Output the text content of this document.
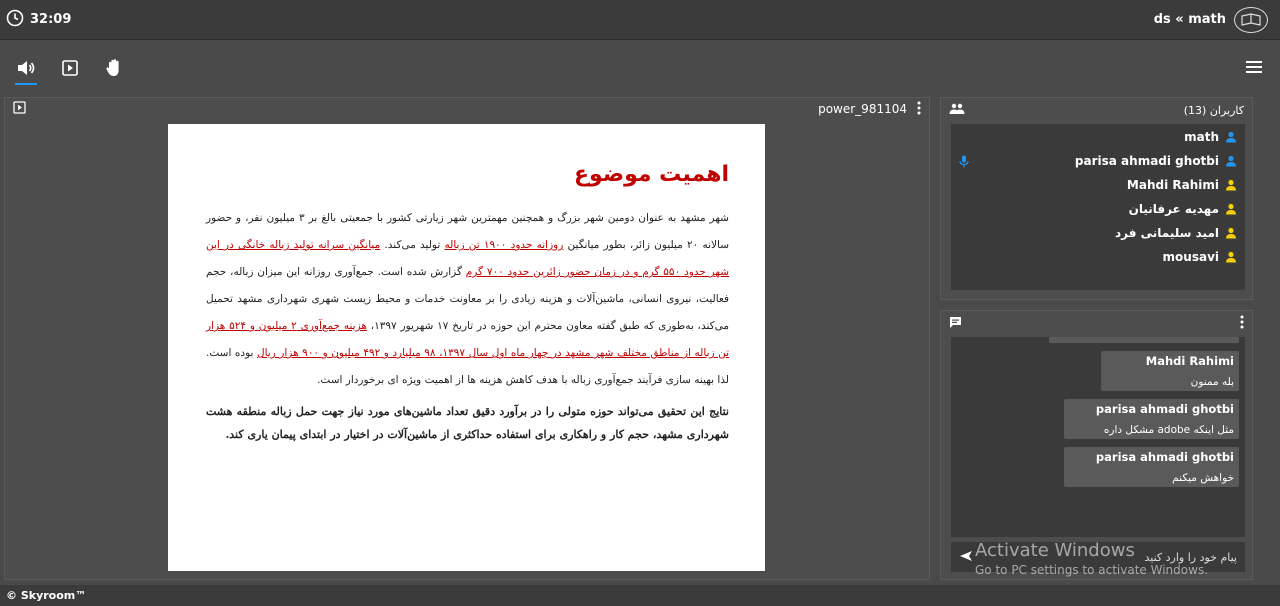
32:09	ds « math
power_981104
اهمیت موضوع

شهر مشهد به عنوان دومین شهر بزرگ و همچنین مهمترین شهر زیارتی کشور با جمعیتی بالغ بر ۳ میلیون نفر، و حضور سالانه ۲۰ میلیون زائر، بطور میانگین روزانه حدود ۱۹۰۰ تن زباله تولید می‌کند. میانگین سرانه تولید زباله خانگی در این شهر حدود ۵۵۰ گرم و در زمان حضور زائرین حدود ۷۰۰ گرم گزارش شده است. جمع‌آوری روزانه این میزان زباله، حجم فعالیت، نیروی انسانی، ماشین‌آلات و هزینه زیادی را بر معاونت خدمات و محیط زیست شهری شهرداری مشهد تحمیل می‌کند، به‌طوری که طبق گفته معاون محترم این حوزه در تاریخ ۱۷ شهریور ۱۳۹۷، هزینه جمع‌آوری ۲ میلیون و ۵۲۴ هزار تن زباله از مناطق مختلف شهر مشهد در چهار ماه اول سال ۱۳۹۷، ۹۸ میلیارد و ۴۹۲ میلیون و ۹۰۰ هزار ریال بوده است. لذا بهینه سازی فرآیند جمع‌آوری زباله با هدف کاهش هزینه ها از اهمیت ویژه ای برخوردار است.

نتایج این تحقیق می‌تواند حوزه متولی را در برآورد دقیق تعداد ماشین‌های مورد نیاز جهت حمل زباله منطقه هشت شهرداری مشهد، حجم کار و راهکاری برای استفاده حداکثری از ماشین‌آلات در اختیار در ابتدای پیمان یاری کند.

کاربران (13)
math
parisa ahmadi ghotbi
Mahdi Rahimi
مهدیه عرفانیان
امید سلیمانی فرد
mousavi
Mahdi Rahimi
بله ممنون
parisa ahmadi ghotbi
مثل اینکه adobe مشکل داره
parisa ahmadi ghotbi
خواهش میکنم
پیام خود را وارد کنید
Activate Windows
Go to PC settings to activate Windows.
© Skyroom™
